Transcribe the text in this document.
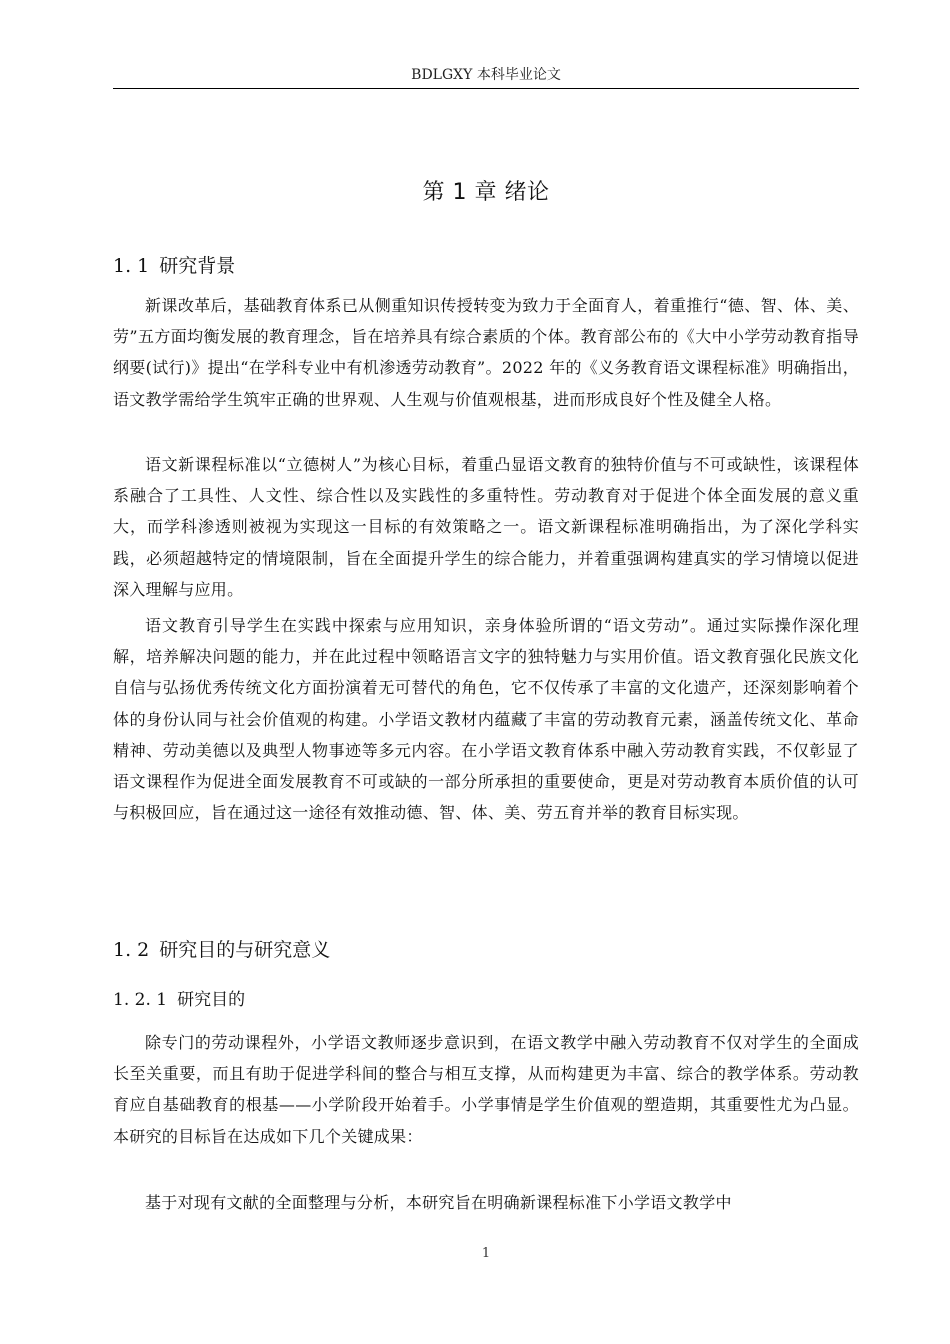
BDLGXY 本科毕业论文
第 1 章 绪论
1. 1 研究背景
新课改革后，基础教育体系已从侧重知识传授转变为致力于全面育人，着重推行“德、智、体、美、劳”五方面均衡发展的教育理念，旨在培养具有综合素质的个体。教育部公布的《大中小学劳动教育指导纲要(试行)》提出“在学科专业中有机渗透劳动教育”。2022 年的《义务教育语文课程标准》明确指出，语文教学需给学生筑牢正确的世界观、人生观与价值观根基，进而形成良好个性及健全人格。
语文新课程标准以“立德树人”为核心目标，着重凸显语文教育的独特价值与不可或缺性，该课程体系融合了工具性、人文性、综合性以及实践性的多重特性。劳动教育对于促进个体全面发展的意义重大，而学科渗透则被视为实现这一目标的有效策略之一。语文新课程标准明确指出，为了深化学科实践，必须超越特定的情境限制，旨在全面提升学生的综合能力，并着重强调构建真实的学习情境以促进深入理解与应用。
语文教育引导学生在实践中探索与应用知识，亲身体验所谓的“语文劳动”。通过实际操作深化理解，培养解决问题的能力，并在此过程中领略语言文字的独特魅力与实用价值。语文教育强化民族文化自信与弘扬优秀传统文化方面扮演着无可替代的角色，它不仅传承了丰富的文化遗产，还深刻影响着个体的身份认同与社会价值观的构建。小学语文教材内蕴藏了丰富的劳动教育元素，涵盖传统文化、革命精神、劳动美德以及典型人物事迹等多元内容。在小学语文教育体系中融入劳动教育实践，不仅彰显了语文课程作为促进全面发展教育不可或缺的一部分所承担的重要使命，更是对劳动教育本质价值的认可与积极回应，旨在通过这一途径有效推动德、智、体、美、劳五育并举的教育目标实现。
1. 2 研究目的与研究意义
1. 2. 1 研究目的
除专门的劳动课程外，小学语文教师逐步意识到，在语文教学中融入劳动教育不仅对学生的全面成长至关重要，而且有助于促进学科间的整合与相互支撑，从而构建更为丰富、综合的教学体系。劳动教育应自基础教育的根基——小学阶段开始着手。小学事情是学生价值观的塑造期，其重要性尤为凸显。本研究的目标旨在达成如下几个关键成果：
基于对现有文献的全面整理与分析，本研究旨在明确新课程标准下小学语文教学中
1
